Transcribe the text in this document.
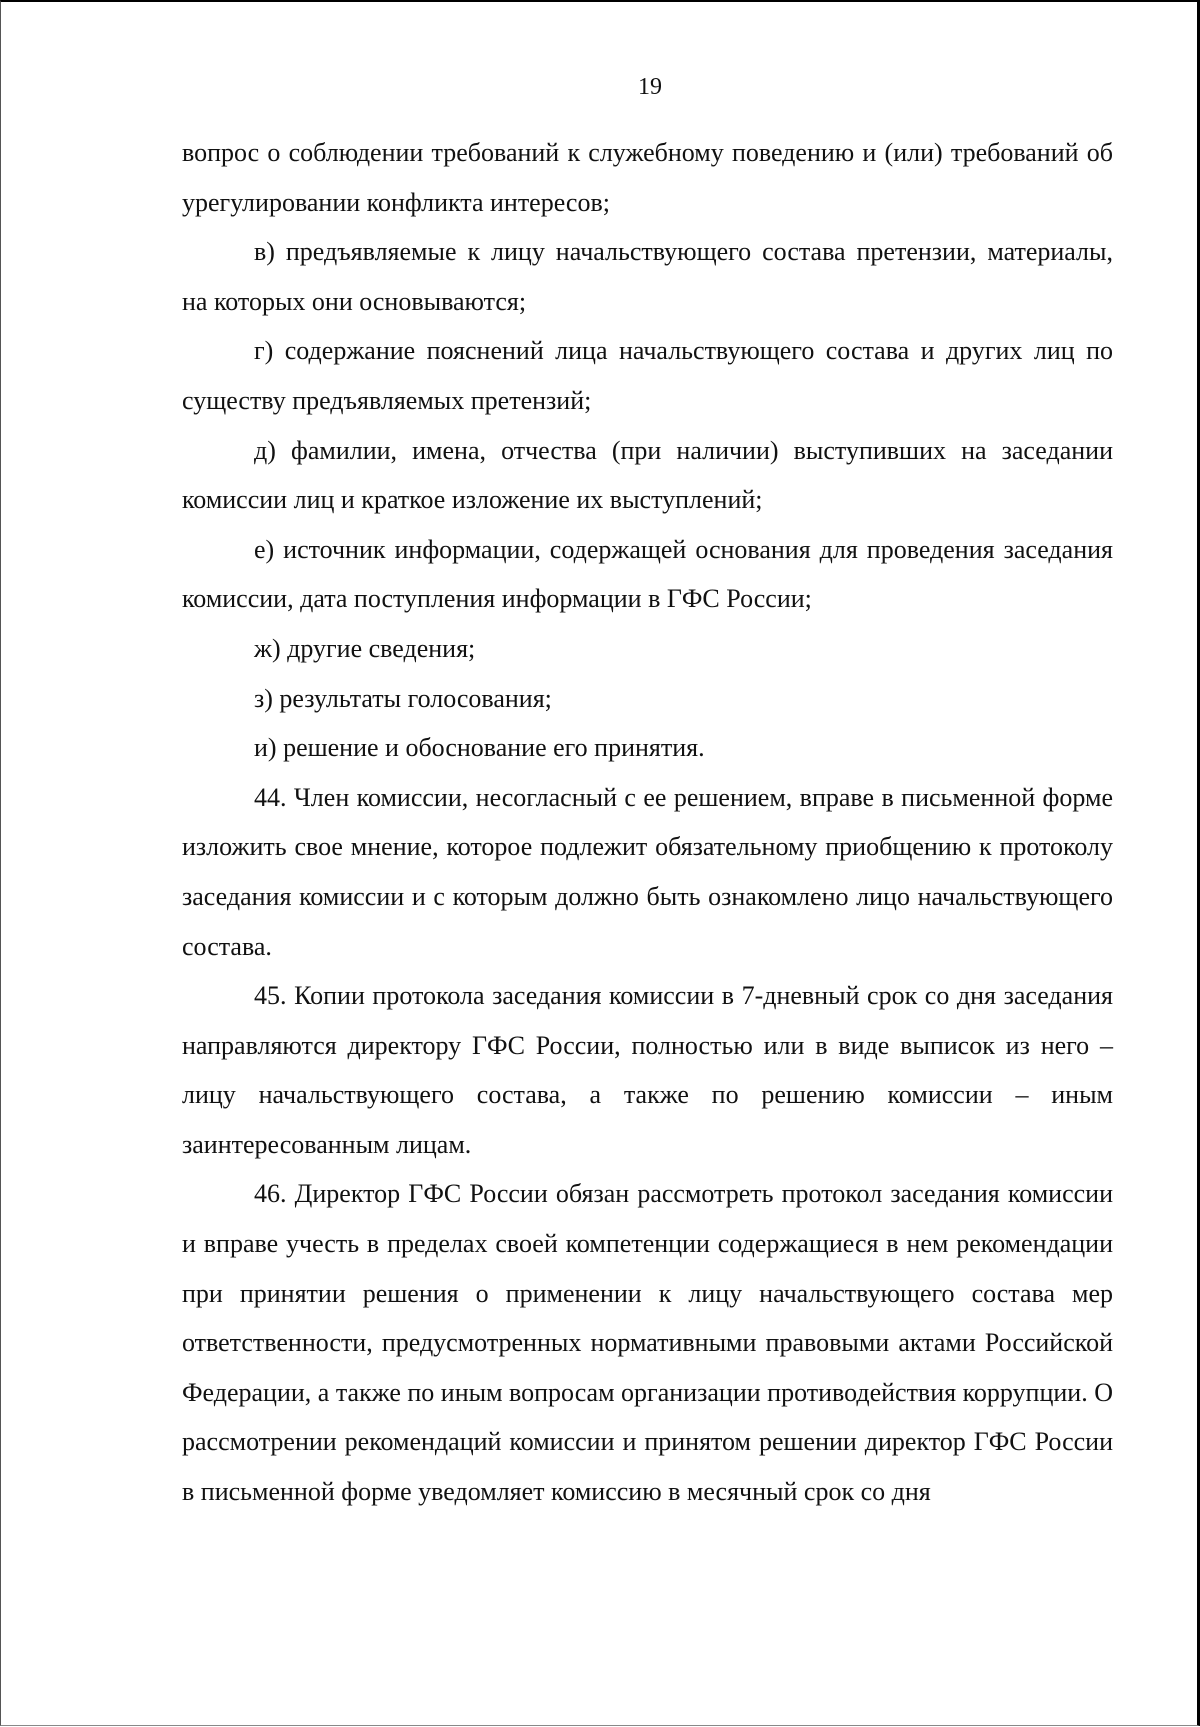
19

вопрос о соблюдении требований к служебному поведению и (или) требований об урегулировании конфликта интересов;

в) предъявляемые к лицу начальствующего состава претензии, материалы, на которых они основываются;

г) содержание пояснений лица начальствующего состава и других лиц по существу предъявляемых претензий;

д) фамилии, имена, отчества (при наличии) выступивших на заседании комиссии лиц и краткое изложение их выступлений;

е) источник информации, содержащей основания для проведения заседания комиссии, дата поступления информации в ГФС России;

ж) другие сведения;

з) результаты голосования;

и) решение и обоснование его принятия.

44. Член комиссии, несогласный с ее решением, вправе в письменной форме изложить свое мнение, которое подлежит обязательному приобщению к протоколу заседания комиссии и с которым должно быть ознакомлено лицо начальствующего состава.

45. Копии протокола заседания комиссии в 7-дневный срок со дня заседания направляются директору ГФС России, полностью или в виде выписок из него – лицу начальствующего состава, а также по решению комиссии – иным заинтересованным лицам.

46. Директор ГФС России обязан рассмотреть протокол заседания комиссии и вправе учесть в пределах своей компетенции содержащиеся в нем рекомендации при принятии решения о применении к лицу начальствующего состава мер ответственности, предусмотренных нормативными правовыми актами Российской Федерации, а также по иным вопросам организации противодействия коррупции. О рассмотрении рекомендаций комиссии и принятом решении директор ГФС России в письменной форме уведомляет комиссию в месячный срок со дня
